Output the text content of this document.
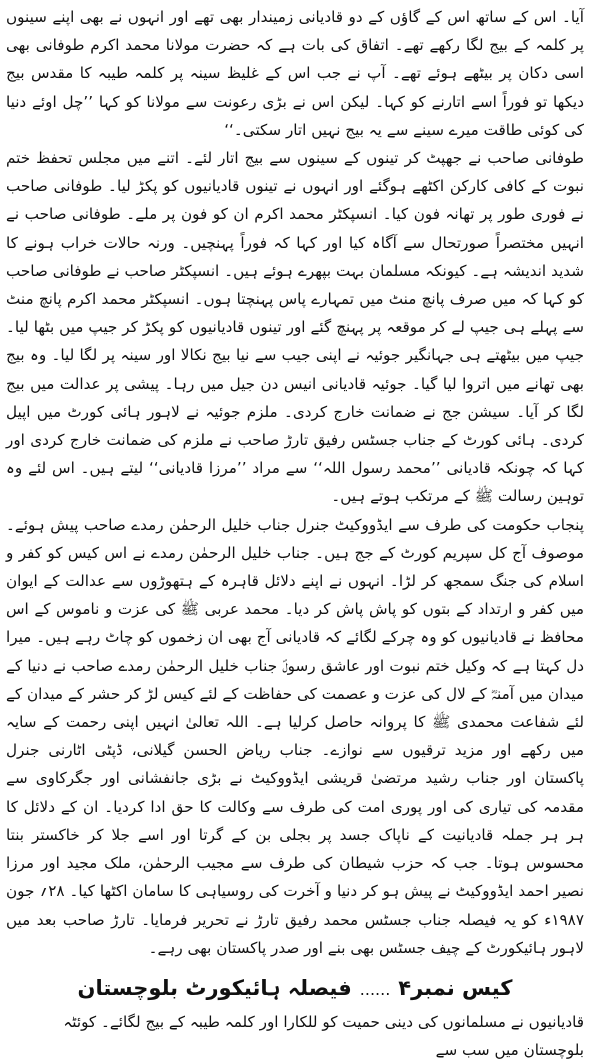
آیا۔ اس کے ساتھ اس کے گاؤں کے دو قادیانی زمیندار بھی تھے اور انہوں نے بھی اپنے سینوں پر کلمہ کے بیج لگا رکھے تھے۔ اتفاق کی بات ہے کہ حضرت مولانا محمد اکرم طوفانی بھی اسی دکان پر بیٹھے ہوئے تھے۔ آپ نے جب اس کے غلیظ سینہ پر کلمہ طیبہ کا مقدس بیج دیکھا تو فوراً اسے اتارنے کو کہا۔ لیکن اس نے بڑی رعونت سے مولانا کو کہا ’’چل اوئے دنیا کی کوئی طاقت میرے سینے سے یہ بیج نہیں اتار سکتی۔‘‘

طوفانی صاحب نے جھپٹ کر تینوں کے سینوں سے بیج اتار لئے۔ اتنے میں مجلس تحفظ ختم نبوت کے کافی کارکن اکٹھے ہوگئے اور انہوں نے تینوں قادیانیوں کو پکڑ لیا۔ طوفانی صاحب نے فوری طور پر تھانہ فون کیا۔ انسپکٹر محمد اکرم ان کو فون پر ملے۔ طوفانی صاحب نے انہیں مختصراً صورتحال سے آگاہ کیا اور کہا کہ فوراً پہنچیں۔ ورنہ حالات خراب ہونے کا شدید اندیشہ ہے۔ کیونکہ مسلمان بہت بپھرے ہوئے ہیں۔ انسپکٹر صاحب نے طوفانی صاحب کو کہا کہ میں صرف پانچ منٹ میں تمہارے پاس پہنچتا ہوں۔ انسپکٹر محمد اکرم پانچ منٹ سے پہلے ہی جیپ لے کر موقعہ پر پہنچ گئے اور تینوں قادیانیوں کو پکڑ کر جیپ میں بٹھا لیا۔ جیپ میں بیٹھتے ہی جہانگیر جوئیہ نے اپنی جیب سے نیا بیج نکالا اور سینہ پر لگا لیا۔ وہ بیج بھی تھانے میں اتروا لیا گیا۔ جوئیہ قادیانی انیس دن جیل میں رہا۔ پیشی پر عدالت میں بیج لگا کر آیا۔ سیشن جج نے ضمانت خارج کردی۔ ملزم جوئیہ نے لاہور ہائی کورٹ میں اپیل کردی۔ ہائی کورٹ کے جناب جسٹس رفیق تارڑ صاحب نے ملزم کی ضمانت خارج کردی اور کہا کہ چونکہ قادیانی ’’محمد رسول اللہ‘‘ سے مراد ’’مرزا قادیانی‘‘ لیتے ہیں۔ اس لئے وہ توہین رسالت ﷺ کے مرتکب ہوتے ہیں۔

پنجاب حکومت کی طرف سے ایڈووکیٹ جنرل جناب خلیل الرحمٰن رمدے صاحب پیش ہوئے۔ موصوف آج کل سپریم کورٹ کے جج ہیں۔ جناب خلیل الرحمٰن رمدے نے اس کیس کو کفر و اسلام کی جنگ سمجھ کر لڑا۔ انہوں نے اپنے دلائل قاہرہ کے ہتھوڑوں سے عدالت کے ایوان میں کفر و ارتداد کے بتوں کو پاش پاش کر دیا۔ محمد عربی ﷺ کی عزت و ناموس کے اس محافظ نے قادیانیوں کو وہ چرکے لگائے کہ قادیانی آج بھی ان زخموں کو چاٹ رہے ہیں۔ میرا دل کہتا ہے کہ وکیل ختم نبوت اور عاشق رسولؐ جناب خلیل الرحمٰن رمدے صاحب نے دنیا کے میدان میں آمنہؓ کے لال کی عزت و عصمت کی حفاظت کے لئے کیس لڑ کر حشر کے میدان کے لئے شفاعت محمدی ﷺ کا پروانہ حاصل کرلیا ہے۔ اللہ تعالیٰ انہیں اپنی رحمت کے سایہ میں رکھے اور مزید ترقیوں سے نوازے۔ جناب ریاض الحسن گیلانی، ڈپٹی اٹارنی جنرل پاکستان اور جناب رشید مرتضیٰ قریشی ایڈووکیٹ نے بڑی جانفشانی اور جگرکاوی سے مقدمہ کی تیاری کی اور پوری امت کی طرف سے وکالت کا حق ادا کردیا۔ ان کے دلائل کا ہر ہر جملہ قادیانیت کے ناپاک جسد پر بجلی بن کے گرتا اور اسے جلا کر خاکستر بنتا محسوس ہوتا۔ جب کہ حزب شیطان کی طرف سے مجیب الرحمٰن، ملک مجید اور مرزا نصیر احمد ایڈووکیٹ نے پیش ہو کر دنیا و آخرت کی روسیاہی کا سامان اکٹھا کیا۔ ۲۸؍ جون ۱۹۸۷ء کو یہ فیصلہ جناب جسٹس محمد رفیق تارڑ نے تحریر فرمایا۔ تارڑ صاحب بعد میں لاہور ہائیکورٹ کے چیف جسٹس بھی بنے اور صدر پاکستان بھی رہے۔

کیس نمبر۴
......
فیصلہ ہائیکورٹ بلوچستان

قادیانیوں نے مسلمانوں کی دینی حمیت کو للکارا اور کلمہ طیبہ کے بیج لگائے۔ کوئٹہ بلوچستان میں سب سے
